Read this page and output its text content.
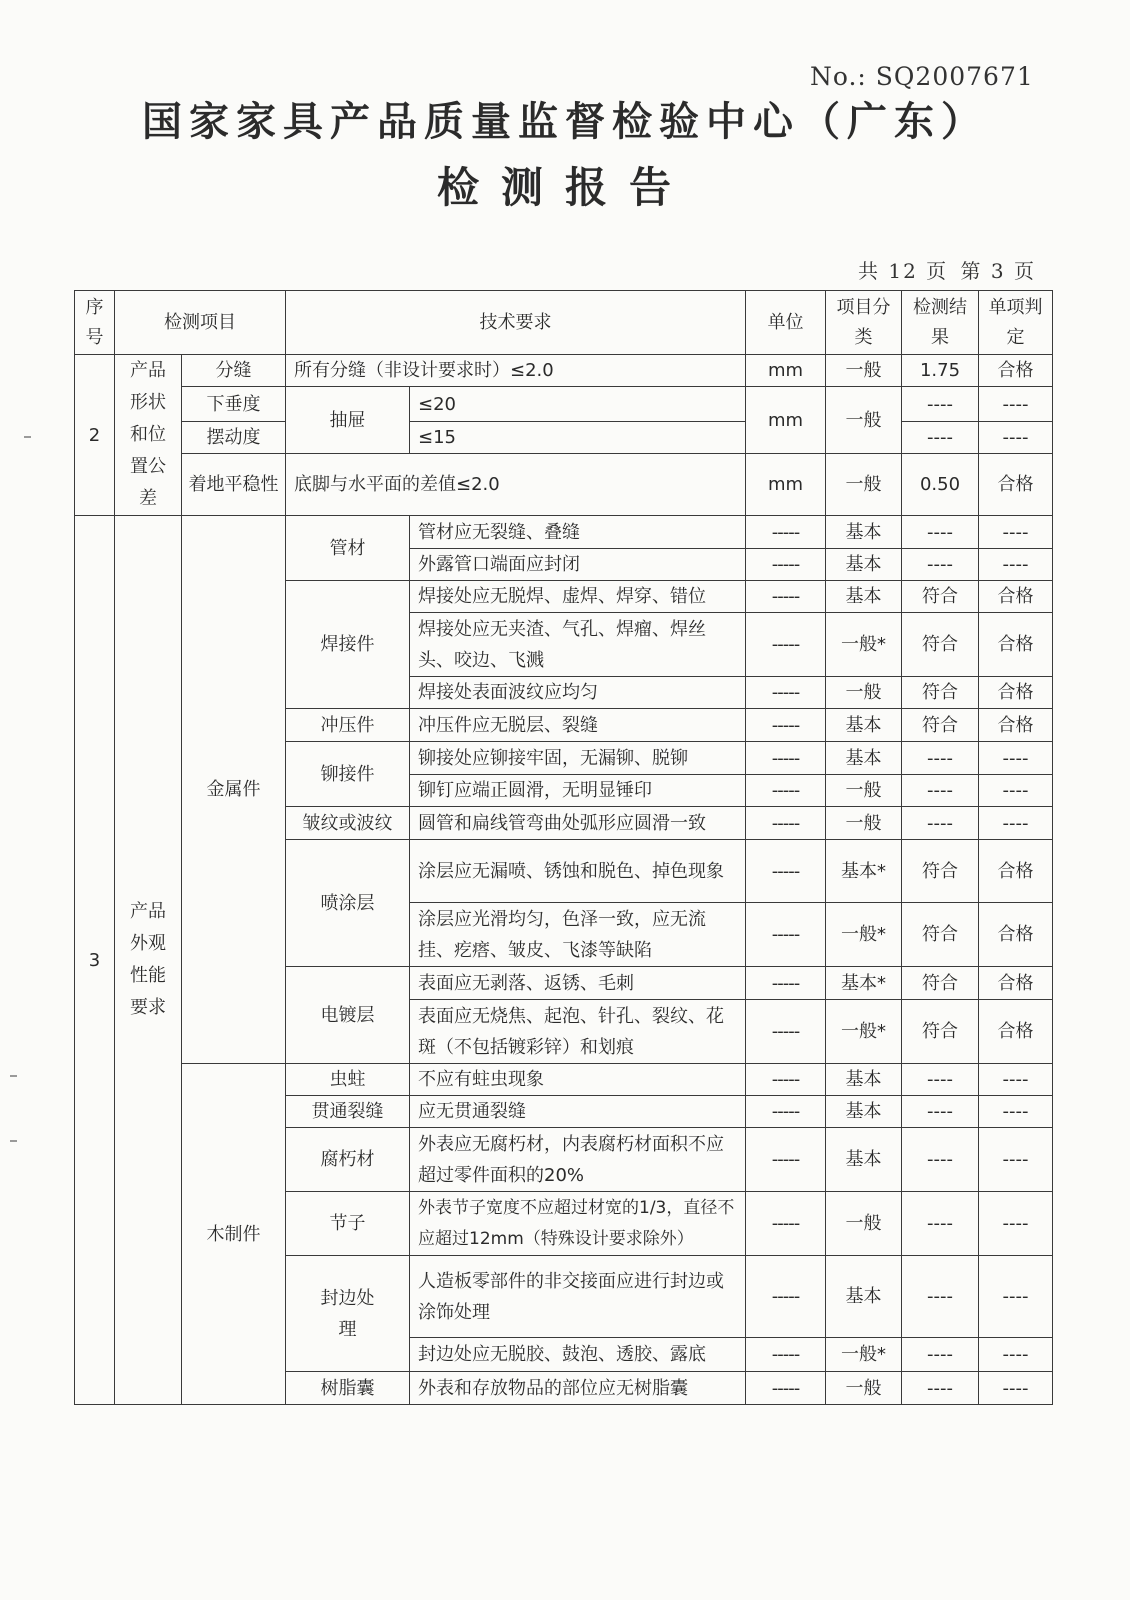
No.: SQ2007671
国家家具产品质量监督检验中心（广东）
检测报告
共 12 页 第 3 页
序号	检测项目		技术要求		单位	项目分类	检测结果	单项判定
2	产品形状和位置公差	分缝	所有分缝（非设计要求时）≤2.0		mm	一般	1.75	合格
		下垂度	抽屉	≤20	mm	一般	----	----
		摆动度		≤15			----	----
		着地平稳性	底脚与水平面的差值≤2.0		mm	一般	0.50	合格
3	产品外观性能要求	金属件	管材	管材应无裂缝、叠缝	-----	基本	----	----
				外露管口端面应封闭	-----	基本	----	----
			焊接件	焊接处应无脱焊、虚焊、焊穿、错位	-----	基本	符合	合格
				焊接处应无夹渣、气孔、焊瘤、焊丝头、咬边、飞溅	-----	一般*	符合	合格
				焊接处表面波纹应均匀	-----	一般	符合	合格
			冲压件	冲压件应无脱层、裂缝	-----	基本	符合	合格
			铆接件	铆接处应铆接牢固，无漏铆、脱铆	-----	基本	----	----
				铆钉应端正圆滑，无明显锤印	-----	一般	----	----
			皱纹或波纹	圆管和扁线管弯曲处弧形应圆滑一致	-----	一般	----	----
			喷涂层	涂层应无漏喷、锈蚀和脱色、掉色现象	-----	基本*	符合	合格
				涂层应光滑均匀，色泽一致，应无流挂、疙瘩、皱皮、飞漆等缺陷	-----	一般*	符合	合格
			电镀层	表面应无剥落、返锈、毛刺	-----	基本*	符合	合格
				表面应无烧焦、起泡、针孔、裂纹、花斑（不包括镀彩锌）和划痕	-----	一般*	符合	合格
		木制件	虫蛀	不应有蛀虫现象	-----	基本	----	----
			贯通裂缝	应无贯通裂缝	-----	基本	----	----
			腐朽材	外表应无腐朽材，内表腐朽材面积不应超过零件面积的20%	-----	基本	----	----
			节子	外表节子宽度不应超过材宽的1/3，直径不应超过12mm（特殊设计要求除外）	-----	一般	----	----
			封边处理	人造板零部件的非交接面应进行封边或涂饰处理	-----	基本	----	----
				封边处应无脱胶、鼓泡、透胶、露底	-----	一般*	----	----
			树脂囊	外表和存放物品的部位应无树脂囊	-----	一般	----	----
